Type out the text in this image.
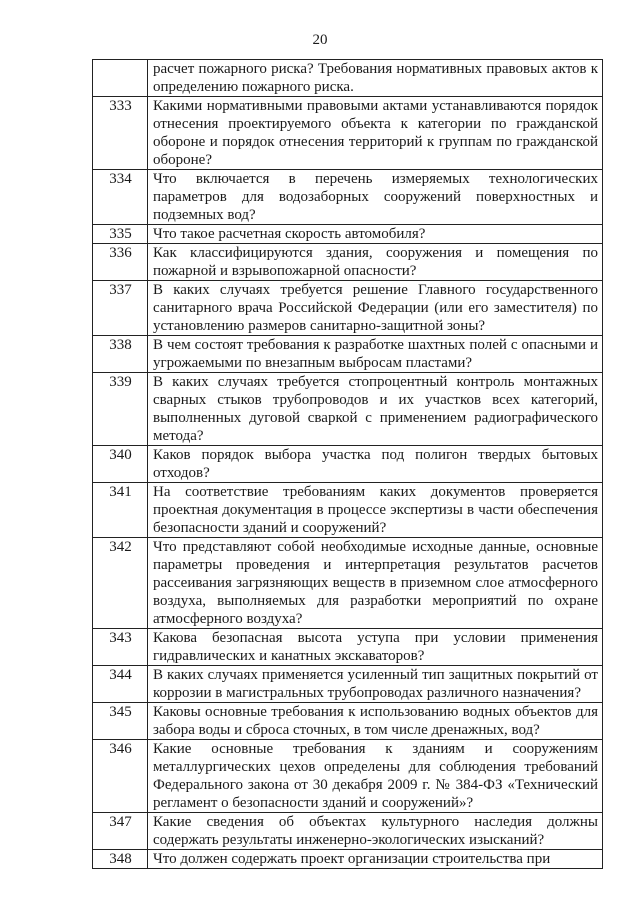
20

	расчет пожарного риска? Требования нормативных правовых актов к определению пожарного риска.

333	Какими нормативными правовыми актами устанавливаются порядок отнесения проектируемого объекта к категории по гражданской обороне и порядок отнесения территорий к группам по гражданской обороне?

334	Что включается в перечень измеряемых технологических параметров для водозаборных сооружений поверхностных и подземных вод?

335	Что такое расчетная скорость автомобиля?

336	Как классифицируются здания, сооружения и помещения по пожарной и взрывопожарной опасности?

337	В каких случаях требуется решение Главного государственного санитарного врача Российской Федерации (или его заместителя) по установлению размеров санитарно-защитной зоны?

338	В чем состоят требования к разработке шахтных полей с опасными и угрожаемыми по внезапным выбросам пластами?

339	В каких случаях требуется стопроцентный контроль монтажных сварных стыков трубопроводов и их участков всех категорий, выполненных дуговой сваркой с применением радиографического метода?

340	Каков порядок выбора участка под полигон твердых бытовых отходов?

341	На соответствие требованиям каких документов проверяется проектная документация в процессе экспертизы в части обеспечения безопасности зданий и сооружений?

342	Что представляют собой необходимые исходные данные, основные параметры проведения и интерпретация результатов расчетов рассеивания загрязняющих веществ в приземном слое атмосферного воздуха, выполняемых для разработки мероприятий по охране атмосферного воздуха?

343	Какова безопасная высота уступа при условии применения гидравлических и канатных экскаваторов?

344	В каких случаях применяется усиленный тип защитных покрытий от коррозии в магистральных трубопроводах различного назначения?

345	Каковы основные требования к использованию водных объектов для забора воды и сброса сточных, в том числе дренажных, вод?

346	Какие основные требования к зданиям и сооружениям металлургических цехов определены для соблюдения требований Федерального закона от 30 декабря 2009 г. № 384-ФЗ «Технический регламент о безопасности зданий и сооружений»?

347	Какие сведения об объектах культурного наследия должны содержать результаты инженерно-экологических изысканий?

348	Что должен содержать проект организации строительства при
